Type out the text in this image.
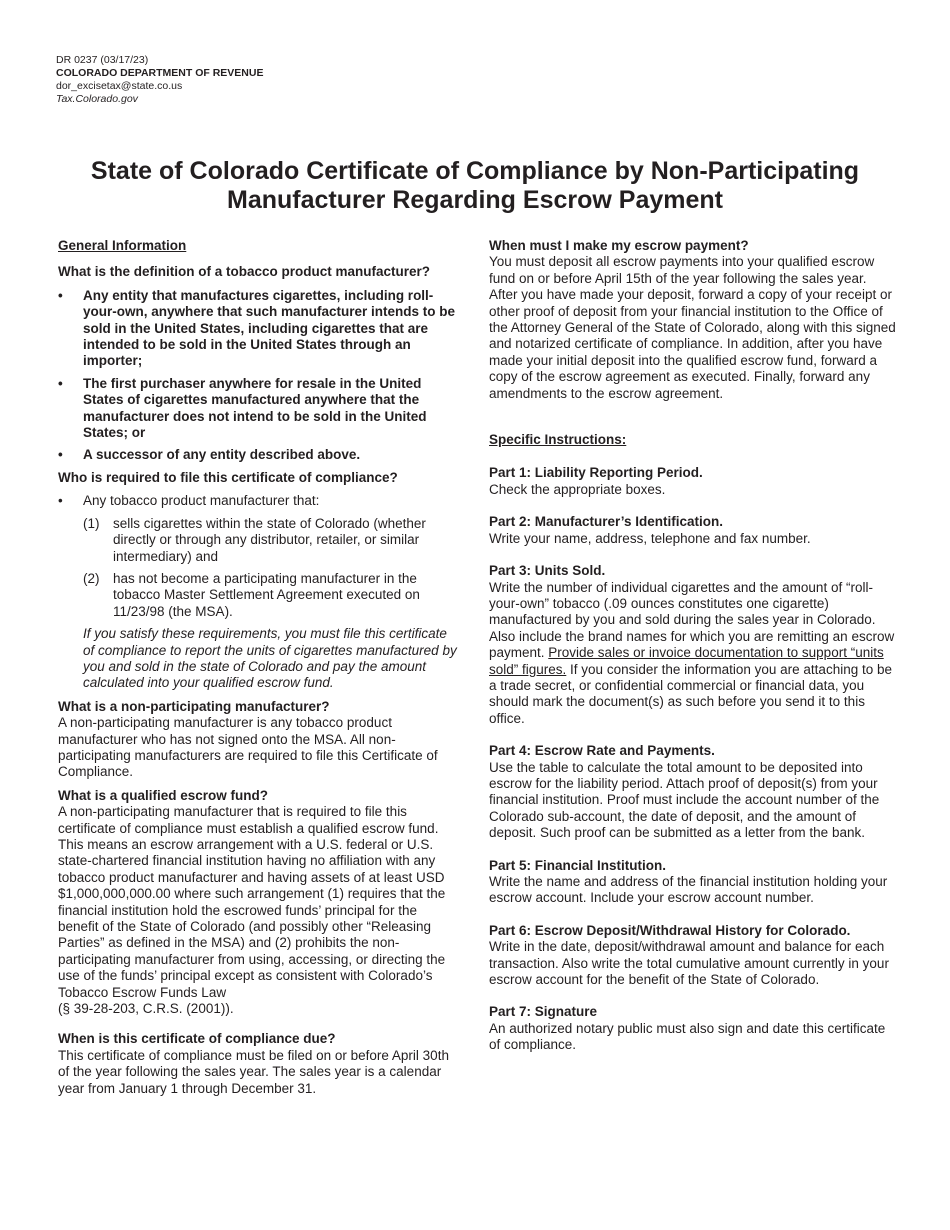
DR 0237 (03/17/23)
COLORADO DEPARTMENT OF REVENUE
dor_excisetax@state.co.us
Tax.Colorado.gov
State of Colorado Certificate of Compliance by Non-Participating
Manufacturer Regarding Escrow Payment

General Information

What is the definition of a tobacco product manufacturer?

• Any entity that manufactures cigarettes, including roll-your-own, anywhere that such manufacturer intends to be sold in the United States, including cigarettes that are intended to be sold in the United States through an importer;
• The first purchaser anywhere for resale in the United States of cigarettes manufactured anywhere that the manufacturer does not intend to be sold in the United States; or
• A successor of any entity described above.

Who is required to file this certificate of compliance?

• Any tobacco product manufacturer that:
(1) sells cigarettes within the state of Colorado (whether directly or through any distributor, retailer, or similar intermediary) and
(2) has not become a participating manufacturer in the tobacco Master Settlement Agreement executed on 11/23/98 (the MSA).

If you satisfy these requirements, you must file this certificate of compliance to report the units of cigarettes manufactured by you and sold in the state of Colorado and pay the amount calculated into your qualified escrow fund.

What is a non-participating manufacturer?

A non-participating manufacturer is any tobacco product manufacturer who has not signed onto the MSA. All non-participating manufacturers are required to file this Certificate of Compliance.

What is a qualified escrow fund?

A non-participating manufacturer that is required to file this certificate of compliance must establish a qualified escrow fund. This means an escrow arrangement with a U.S. federal or U.S. state-chartered financial institution having no affiliation with any tobacco product manufacturer and having assets of at least USD $1,000,000,000.00 where such arrangement (1) requires that the financial institution hold the escrowed funds’ principal for the benefit of the State of Colorado (and possibly other “Releasing Parties” as defined in the MSA) and (2) prohibits the non-participating manufacturer from using, accessing, or directing the use of the funds’ principal except as consistent with Colorado’s Tobacco Escrow Funds Law

(§ 39-28-203, C.R.S. (2001)).

When is this certificate of compliance due?

This certificate of compliance must be filed on or before April 30th of the year following the sales year. The sales year is a calendar year from January 1 through December 31.

When must I make my escrow payment?

You must deposit all escrow payments into your qualified escrow fund on or before April 15th of the year following the sales year. After you have made your deposit, forward a copy of your receipt or other proof of deposit from your financial institution to the Office of the Attorney General of the State of Colorado, along with this signed and notarized certificate of compliance. In addition, after you have made your initial deposit into the qualified escrow fund, forward a copy of the escrow agreement as executed. Finally, forward any amendments to the escrow agreement.

Specific Instructions:

Part 1: Liability Reporting Period.

Check the appropriate boxes.

Part 2: Manufacturer’s Identification.

Write your name, address, telephone and fax number.

Part 3: Units Sold.

Write the number of individual cigarettes and the amount of “roll-your-own” tobacco (.09 ounces constitutes one cigarette) manufactured by you and sold during the sales year in Colorado. Also include the brand names for which you are remitting an escrow payment. Provide sales or invoice documentation to support “units sold” figures. If you consider the information you are attaching to be a trade secret, or confidential commercial or financial data, you should mark the document(s) as such before you send it to this office.

Part 4: Escrow Rate and Payments.

Use the table to calculate the total amount to be deposited into escrow for the liability period. Attach proof of deposit(s) from your financial institution. Proof must include the account number of the Colorado sub-account, the date of deposit, and the amount of deposit. Such proof can be submitted as a letter from the bank.

Part 5: Financial Institution.

Write the name and address of the financial institution holding your escrow account. Include your escrow account number.

Part 6: Escrow Deposit/Withdrawal History for Colorado.

Write in the date, deposit/withdrawal amount and balance for each transaction. Also write the total cumulative amount currently in your escrow account for the benefit of the State of Colorado.

Part 7: Signature

An authorized notary public must also sign and date this certificate of compliance.
